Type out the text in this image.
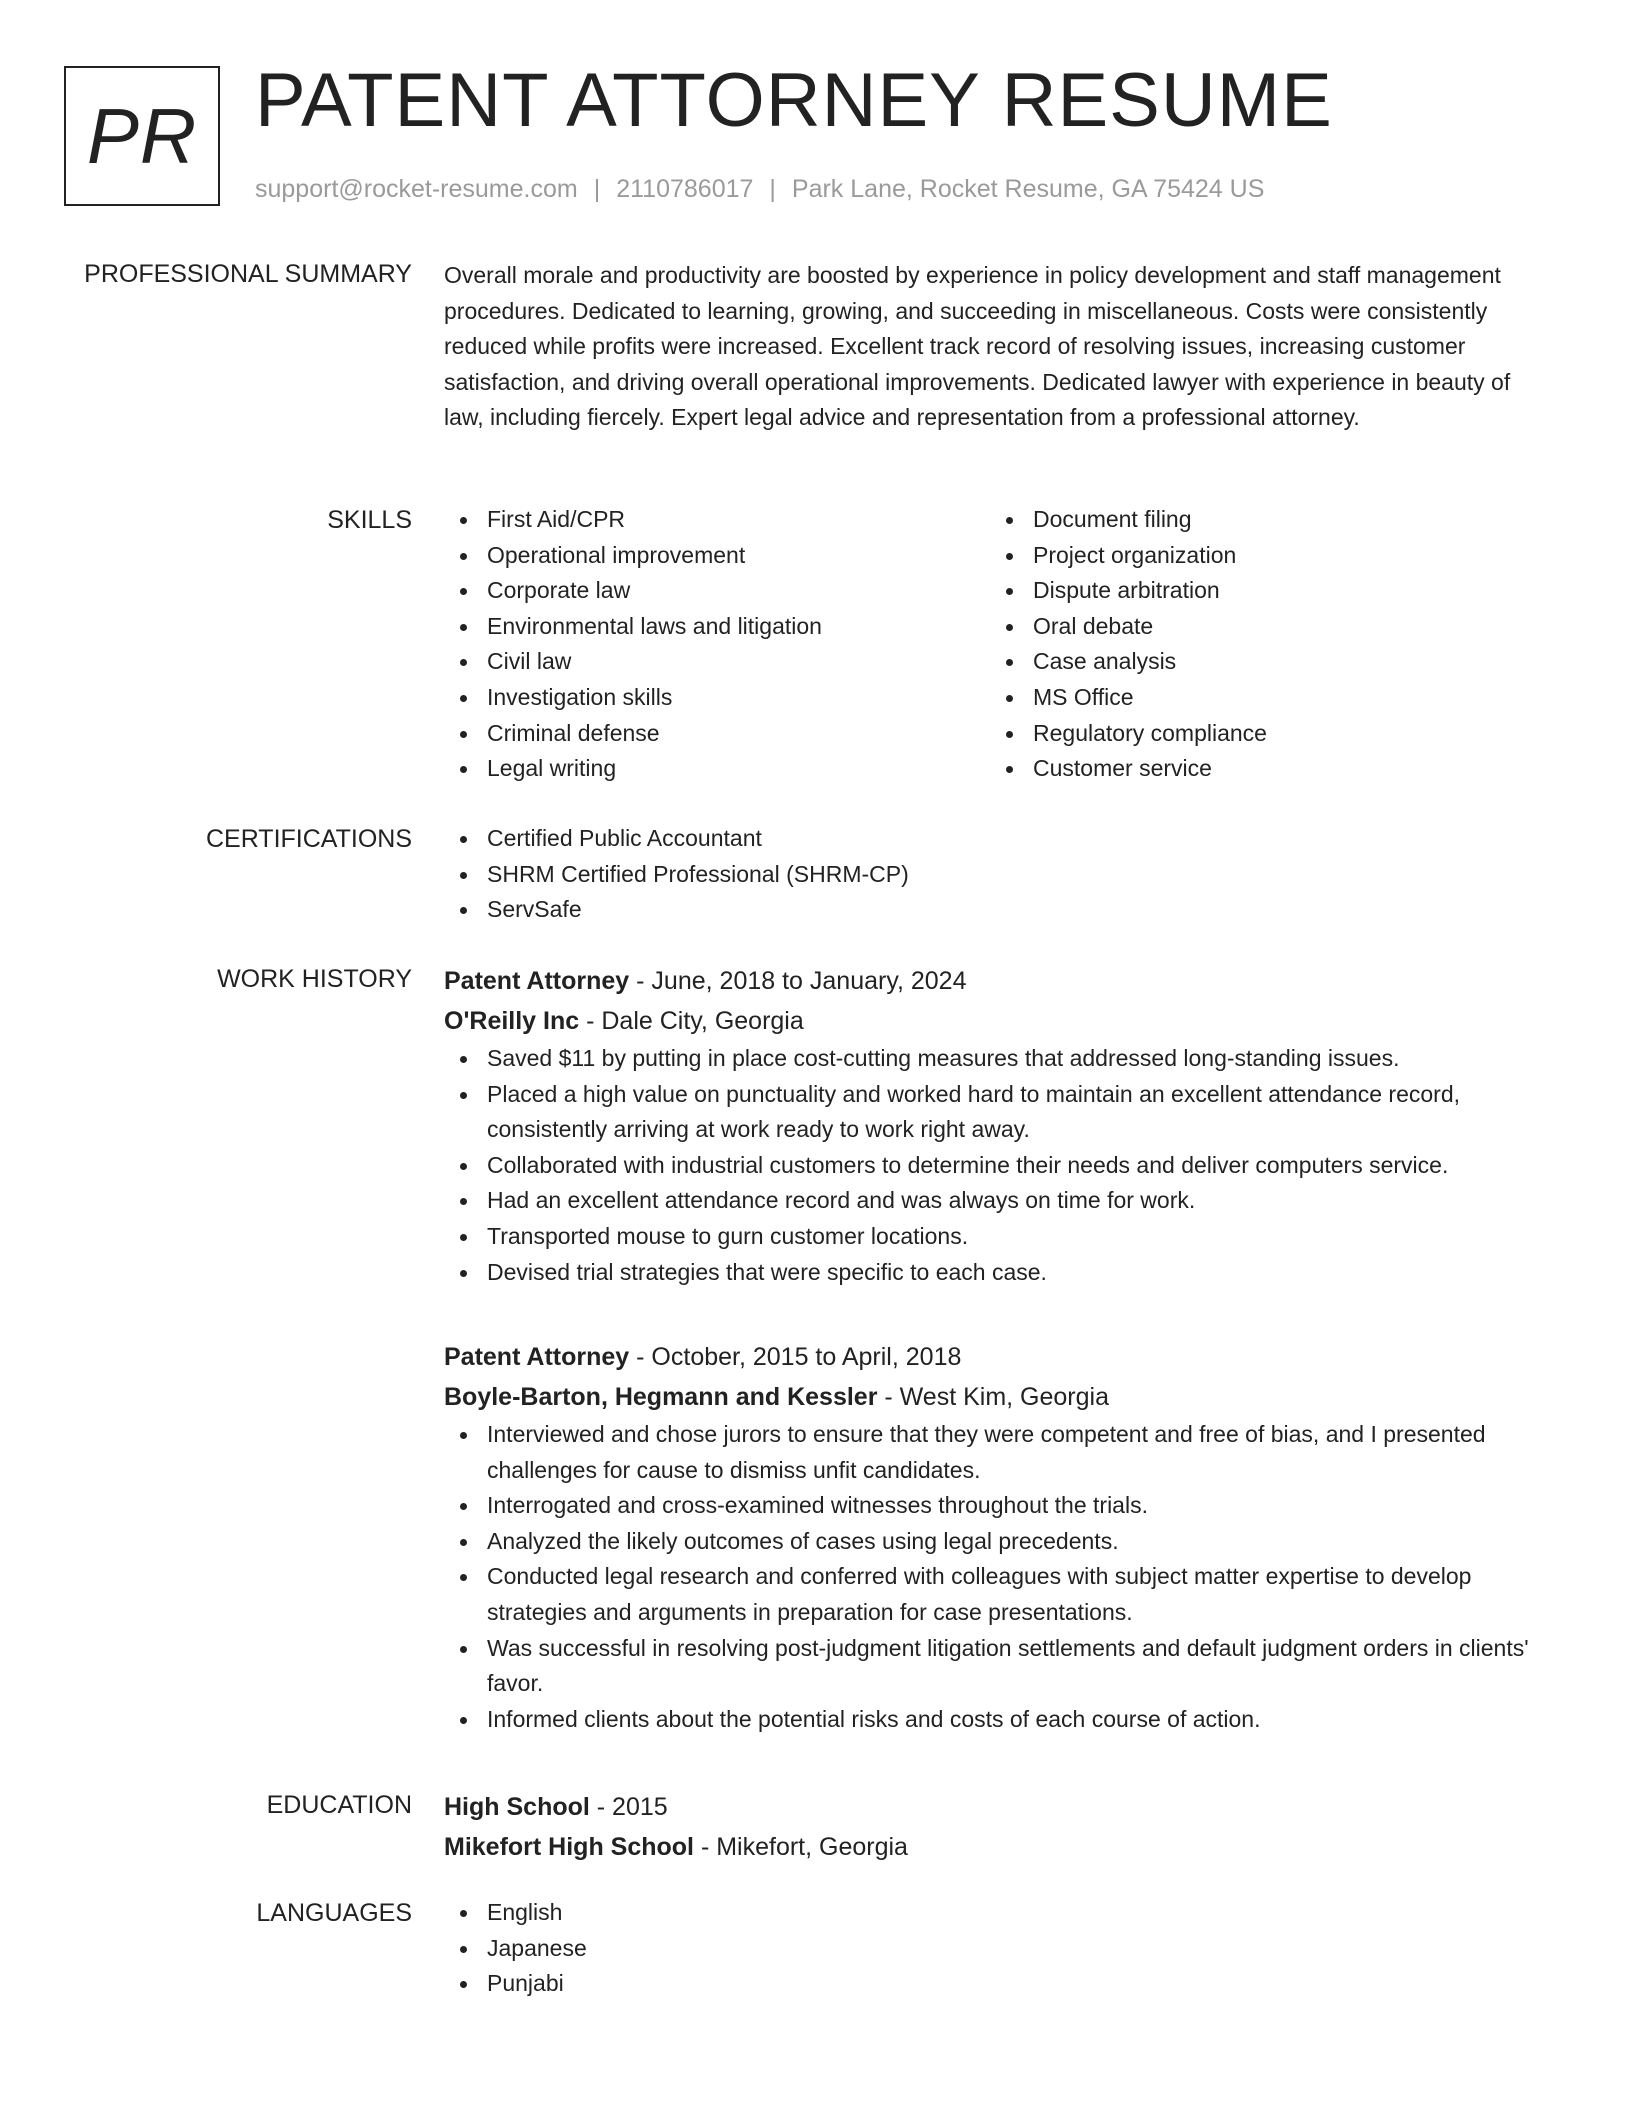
PR PATENT ATTORNEY RESUME
support@rocket-resume.com | 2110786017 | Park Lane, Rocket Resume, GA 75424 US
PROFESSIONAL SUMMARY Overall morale and productivity are boosted by experience in policy development and staff management procedures. Dedicated to learning, growing, and succeeding in miscellaneous. Costs were consistently reduced while profits were increased. Excellent track record of resolving issues, increasing customer satisfaction, and driving overall operational improvements. Dedicated lawyer with experience in beauty of law, including fiercely. Expert legal advice and representation from a professional attorney.

SKILLS	First Aid/CPR
Operational improvement
Corporate law
Environmental laws and litigation
Civil law
Investigation skills
Criminal defense
Legal writing
Document filing
Project organization
Dispute arbitration
Oral debate
Case analysis
MS Office
Regulatory compliance
Customer service
CERTIFICATIONS	Certified Public Accountant
SHRM Certified Professional (SHRM-CP)
ServSafe
WORK HISTORY Patent Attorney - June, 2018 to January, 2024
O'Reilly Inc - Dale City, Georgia
Saved $11 by putting in place cost-cutting measures that addressed long-standing issues.
Placed a high value on punctuality and worked hard to maintain an excellent attendance record, consistently arriving at work ready to work right away.
Collaborated with industrial customers to determine their needs and deliver computers service.
Had an excellent attendance record and was always on time for work.
Transported mouse to gurn customer locations.
Devised trial strategies that were specific to each case.
Patent Attorney - October, 2015 to April, 2018
Boyle-Barton, Hegmann and Kessler - West Kim, Georgia
Interviewed and chose jurors to ensure that they were competent and free of bias, and I presented challenges for cause to dismiss unfit candidates.
Interrogated and cross-examined witnesses throughout the trials.
Analyzed the likely outcomes of cases using legal precedents.
Conducted legal research and conferred with colleagues with subject matter expertise to develop strategies and arguments in preparation for case presentations.
Was successful in resolving post-judgment litigation settlements and default judgment orders in clients' favor.
Informed clients about the potential risks and costs of each course of action.
EDUCATION High School - 2015
Mikefort High School - Mikefort, Georgia
LANGUAGES	English
Japanese
Punjabi
